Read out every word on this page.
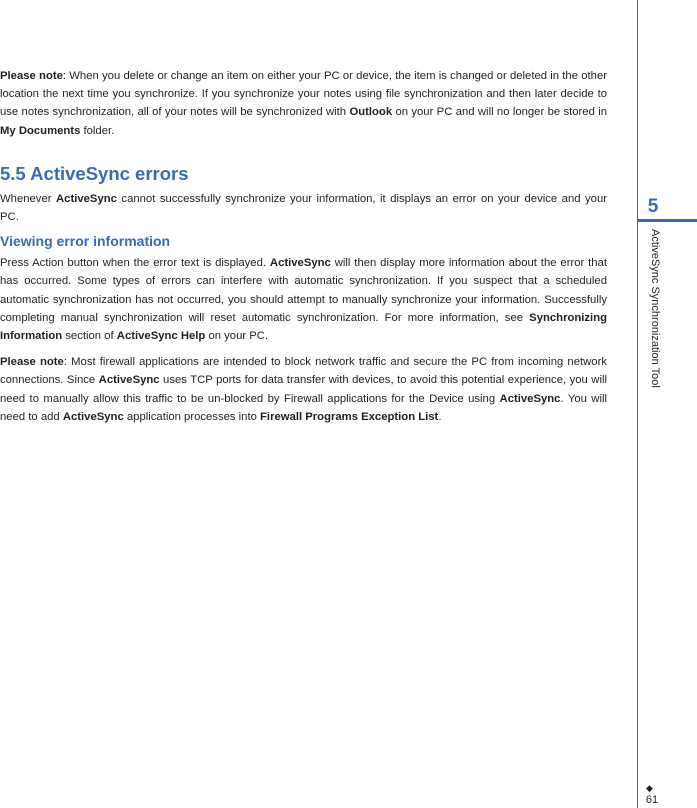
Please note: When you delete or change an item on either your PC or device, the item is changed or deleted in the other location the next time you synchronize. If you synchronize your notes using file synchronization and then later decide to use notes synchronization, all of your notes will be synchronized with Outlook on your PC and will no longer be stored in My Documents folder.

5.5 ActiveSync errors

Whenever ActiveSync cannot successfully synchronize your information, it displays an error on your device and your PC.

Viewing error information

Press Action button when the error text is displayed. ActiveSync will then display more information about the error that has occurred. Some types of errors can interfere with automatic synchronization. If you suspect that a scheduled automatic synchronization has not occurred, you should attempt to manually synchronize your information. Successfully completing manual synchronization will reset automatic synchronization. For more information, see Synchronizing Information section of ActiveSync Help on your PC.

Please note: Most firewall applications are intended to block network traffic and secure the PC from incoming network connections. Since ActiveSync uses TCP ports for data transfer with devices, to avoid this potential experience, you will need to manually allow this traffic to be un-blocked by Firewall applications for the Device using ActiveSync. You will need to add ActiveSync application processes into Firewall Programs Exception List.

5
ActiveSync Synchronization Tool
◆
61
